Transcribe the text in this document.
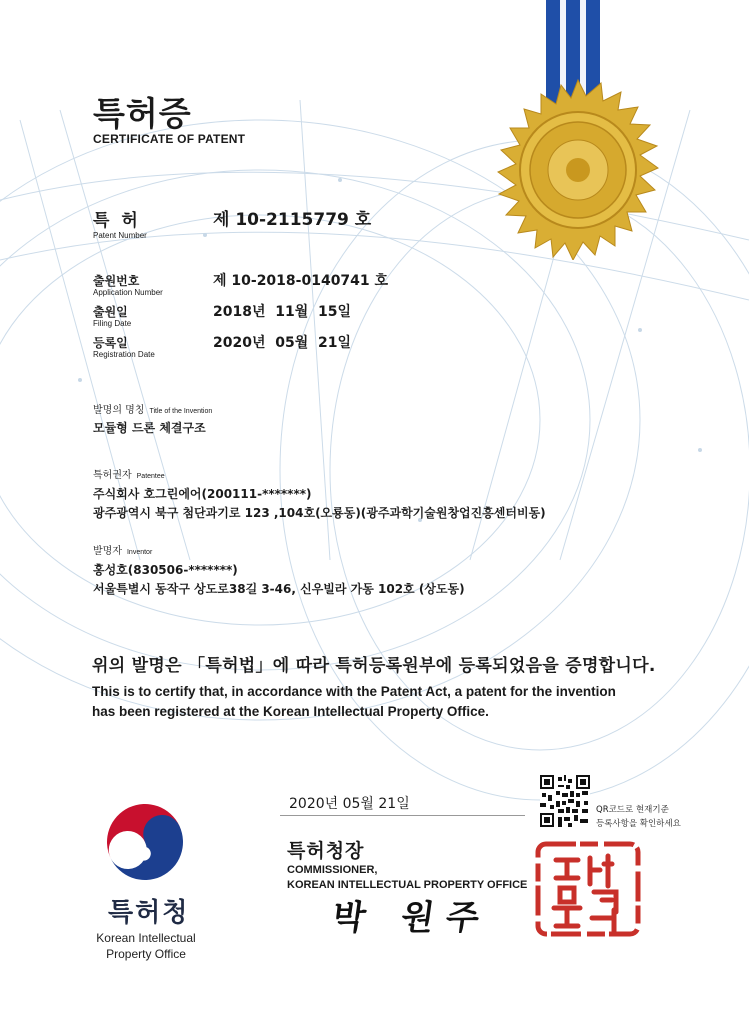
특허증
CERTIFICATE OF PATENT
특 허
Patent Number
제 10-2115779 호
출원번호
Application Number
제 10-2018-0140741 호
출원일
Filing Date
2018년  11월  15일
등록일
Registration Date
2020년  05월  21일
발명의 명칭 Title of the Invention
모듈형 드론 체결구조
특허권자 Patentee
주식회사 호그린에어(200111-*******)
광주광역시 북구 첨단과기로 123 ,104호(오룡동)(광주과학기술원창업진흥센터비동)
발명자 Inventor
홍성호(830506-*******)
서울특별시 동작구 상도로38길 3-46, 신우빌라 가동 102호 (상도동)
위의 발명은 「특허법」에 따라 특허등록원부에 등록되었음을 증명합니다.
This is to certify that, in accordance with the Patent Act, a patent for the invention
has been registered at the Korean Intellectual Property Office.
2020년 05월 21일	QR코드로 현재기준
등록사항을 확인하세요
특허청장
COMMISSIONER,
KOREAN INTELLECTUAL PROPERTY OFFICE
박 원주
특허청
Korean Intellectual
Property Office
